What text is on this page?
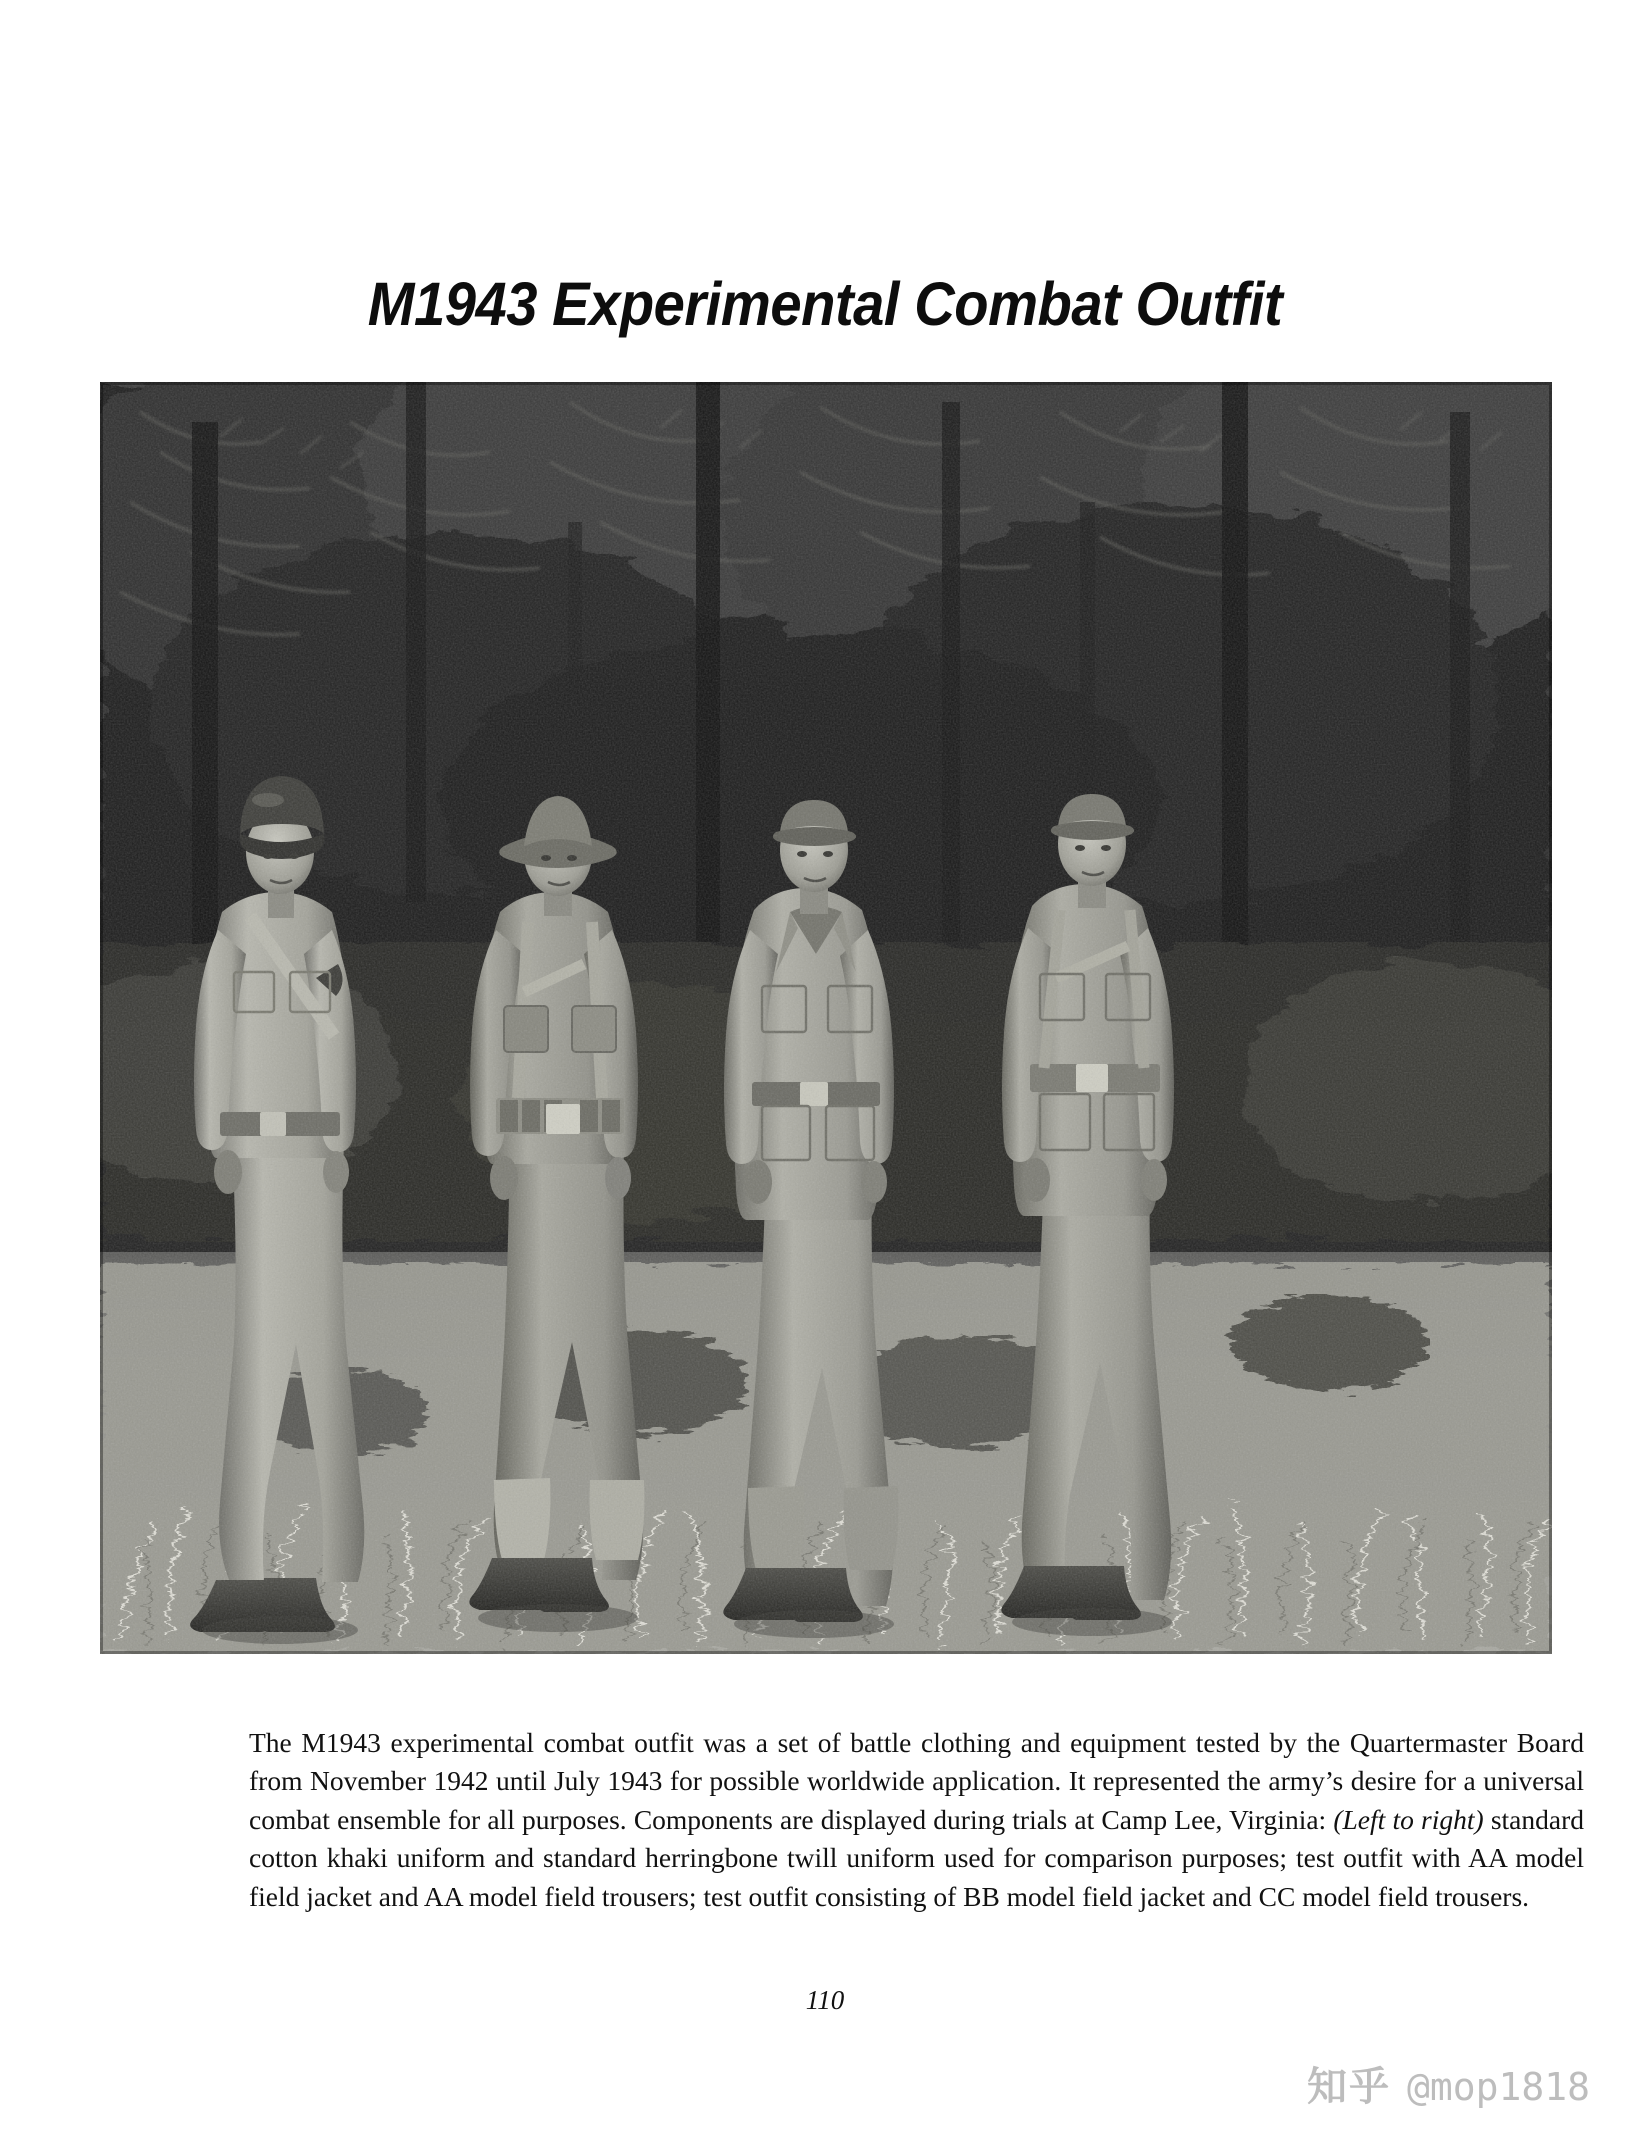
M1943 Experimental Combat Outfit

The M1943 experimental combat outfit was a set of battle clothing and equipment tested by the Quartermaster Board from November 1942 until July 1943 for possible worldwide application. It represented the army’s desire for a universal combat ensemble for all purposes. Components are displayed during trials at Camp Lee, Virginia: (Left to right) standard cotton khaki uniform and standard herringbone twill uniform used for comparison purposes; test outfit with AA model field jacket and AA model field trousers; test outfit consisting of BB model field jacket and CC model field trousers.

110
知乎 @mop1818
